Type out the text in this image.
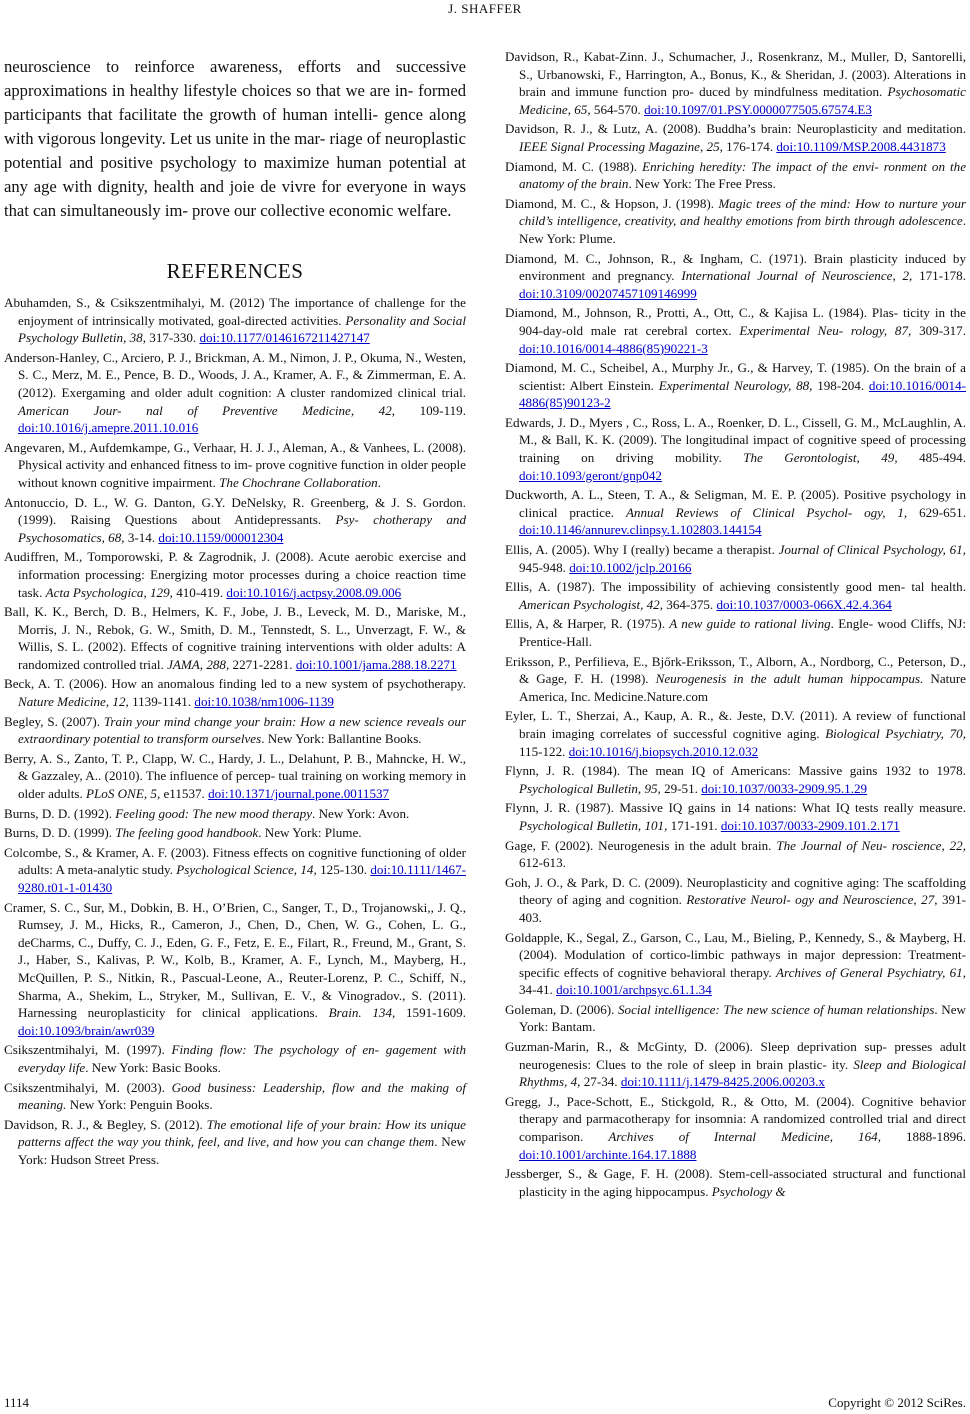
J. SHAFFER

neuroscience to reinforce awareness, efforts and successive approximations in healthy lifestyle choices so that we are in- formed participants that facilitate the growth of human intelli- gence along with vigorous longevity. Let us unite in the mar- riage of neuroplastic potential and positive psychology to maximize human potential at any age with dignity, health and joie de vivre for everyone in ways that can simultaneously im- prove our collective economic welfare.

REFERENCES

Abuhamden, S., & Csikszentmihalyi, M. (2012) The importance of challenge for the enjoyment of intrinsically motivated, goal-directed activities. Personality and Social Psychology Bulletin, 38, 317-330. doi:10.1177/0146167211427147

Anderson-Hanley, C., Arciero, P. J., Brickman, A. M., Nimon, J. P., Okuma, N., Westen, S. C., Merz, M. E., Pence, B. D., Woods, J. A., Kramer, A. F., & Zimmerman, E. A. (2012). Exergaming and older adult cognition: A cluster randomized clinical trial. American Jour- nal of Preventive Medicine, 42, 109-119. doi:10.1016/j.amepre.2011.10.016

Angevaren, M., Aufdemkampe, G., Verhaar, H. J. J., Aleman, A., & Vanhees, L. (2008). Physical activity and enhanced fitness to im- prove cognitive function in older people without known cognitive impairment. The Chochrane Collaboration.

Antonuccio, D. L., W. G. Danton, G.Y. DeNelsky, R. Greenberg, & J. S. Gordon. (1999). Raising Questions about Antidepressants. Psy- chotherapy and Psychosomatics, 68, 3-14. doi:10.1159/000012304

Audiffren, M., Tomporowski, P. & Zagrodnik, J. (2008). Acute aerobic exercise and information processing: Energizing motor processes during a choice reaction time task. Acta Psychologica, 129, 410-419. doi:10.1016/j.actpsy.2008.09.006

Ball, K. K., Berch, D. B., Helmers, K. F., Jobe, J. B., Leveck, M. D., Mariske, M., Morris, J. N., Rebok, G. W., Smith, D. M., Tennstedt, S. L., Unverzagt, F. W., & Willis, S. L. (2002). Effects of cognitive training interventions with older adults: A randomized controlled trial. JAMA, 288, 2271-2281. doi:10.1001/jama.288.18.2271

Beck, A. T. (2006). How an anomalous finding led to a new system of psychotherapy. Nature Medicine, 12, 1139-1141. doi:10.1038/nm1006-1139

Begley, S. (2007). Train your mind change your brain: How a new science reveals our extraordinary potential to transform ourselves. New York: Ballantine Books.

Berry, A. S., Zanto, T. P., Clapp, W. C., Hardy, J. L., Delahunt, P. B., Mahncke, H. W., & Gazzaley, A.. (2010). The influence of percep- tual training on working memory in older adults. PLoS ONE, 5, e11537. doi:10.1371/journal.pone.0011537

Burns, D. D. (1992). Feeling good: The new mood therapy. New York: Avon.

Burns, D. D. (1999). The feeling good handbook. New York: Plume.

Colcombe, S., & Kramer, A. F. (2003). Fitness effects on cognitive functioning of older adults: A meta-analytic study. Psychological Science, 14, 125-130. doi:10.1111/1467-9280.t01-1-01430

Cramer, S. C., Sur, M., Dobkin, B. H., O’Brien, C., Sanger, T., D., Trojanowski,, J. Q., Rumsey, J. M., Hicks, R., Cameron, J., Chen, D., Chen, W. G., Cohen, L. G., deCharms, C., Duffy, C. J., Eden, G. F., Fetz, E. E., Filart, R., Freund, M., Grant, S. J., Haber, S., Kalivas, P. W., Kolb, B., Kramer, A. F., Lynch, M., Mayberg, H., McQuillen, P. S., Nitkin, R., Pascual-Leone, A., Reuter-Lorenz, P. C., Schiff, N., Sharma, A., Shekim, L., Stryker, M., Sullivan, E. V., & Vinogradov., S. (2011). Harnessing neuroplasticity for clinical applications. Brain. 134, 1591-1609. doi:10.1093/brain/awr039

Csikszentmihalyi, M. (1997). Finding flow: The psychology of en- gagement with everyday life. New York: Basic Books.

Csikszentmihalyi, M. (2003). Good business: Leadership, flow and the making of meaning. New York: Penguin Books.

Davidson, R. J., & Begley, S. (2012). The emotional life of your brain: How its unique patterns affect the way you think, feel, and live, and how you can change them. New York: Hudson Street Press.

Davidson, R., Kabat-Zinn. J., Schumacher, J., Rosenkranz, M., Muller, D, Santorelli, S., Urbanowski, F., Harrington, A., Bonus, K., & Sheridan, J. (2003). Alterations in brain and immune function pro- duced by mindfulness meditation. Psychosomatic Medicine, 65, 564-570. doi:10.1097/01.PSY.0000077505.67574.E3

Davidson, R. J., & Lutz, A. (2008). Buddha’s brain: Neuroplasticity and meditation. IEEE Signal Processing Magazine, 25, 176-174. doi:10.1109/MSP.2008.4431873

Diamond, M. C. (1988). Enriching heredity: The impact of the envi- ronment on the anatomy of the brain. New York: The Free Press.

Diamond, M. C., & Hopson, J. (1998). Magic trees of the mind: How to nurture your child’s intelligence, creativity, and healthy emotions from birth through adolescence. New York: Plume.

Diamond, M. C., Johnson, R., & Ingham, C. (1971). Brain plasticity induced by environment and pregnancy. International Journal of Neuroscience, 2, 171-178. doi:10.3109/00207457109146999

Diamond, M., Johnson, R., Protti, A., Ott, C., & Kajisa L. (1984). Plas- ticity in the 904-day-old male rat cerebral cortex. Experimental Neu- rology, 87, 309-317. doi:10.1016/0014-4886(85)90221-3

Diamond, M. C., Scheibel, A., Murphy Jr., G., & Harvey, T. (1985). On the brain of a scientist: Albert Einstein. Experimental Neurology, 88, 198-204. doi:10.1016/0014-4886(85)90123-2

Edwards, J. D., Myers , C., Ross, L. A., Roenker, D. L., Cissell, G. M., McLaughlin, A. M., & Ball, K. K. (2009). The longitudinal impact of cognitive speed of processing training on driving mobility. The Gerontologist, 49, 485-494. doi:10.1093/geront/gnp042

Duckworth, A. L., Steen, T. A., & Seligman, M. E. P. (2005). Positive psychology in clinical practice. Annual Reviews of Clinical Psychol- ogy, 1, 629-651. doi:10.1146/annurev.clinpsy.1.102803.144154

Ellis, A. (2005). Why I (really) became a therapist. Journal of Clinical Psychology, 61, 945-948. doi:10.1002/jclp.20166

Ellis, A. (1987). The impossibility of achieving consistently good men- tal health. American Psychologist, 42, 364-375. doi:10.1037/0003-066X.42.4.364

Ellis, A, & Harper, R. (1975). A new guide to rational living. Engle- wood Cliffs, NJ: Prentice-Hall.

Eriksson, P., Perfilieva, E., Bjőrk-Eriksson, T., Alborn, A., Nordborg, C., Peterson, D., & Gage, F. H. (1998). Neurogenesis in the adult human hippocampus. Nature America, Inc. Medicine.Nature.com

Eyler, L. T., Sherzai, A., Kaup, A. R., &. Jeste, D.V. (2011). A review of functional brain imaging correlates of successful cognitive aging. Biological Psychiatry, 70, 115-122. doi:10.1016/j.biopsych.2010.12.032

Flynn, J. R. (1984). The mean IQ of Americans: Massive gains 1932 to 1978. Psychological Bulletin, 95, 29-51. doi:10.1037/0033-2909.95.1.29

Flynn, J. R. (1987). Massive IQ gains in 14 nations: What IQ tests really measure. Psychological Bulletin, 101, 171-191. doi:10.1037/0033-2909.101.2.171

Gage, F. (2002). Neurogenesis in the adult brain. The Journal of Neu- roscience, 22, 612-613.

Goh, J. O., & Park, D. C. (2009). Neuroplasticity and cognitive aging: The scaffolding theory of aging and cognition. Restorative Neurol- ogy and Neuroscience, 27, 391-403.

Goldapple, K., Segal, Z., Garson, C., Lau, M., Bieling, P., Kennedy, S., & Mayberg, H. (2004). Modulation of cortico-limbic pathways in major depression: Treatment-specific effects of cognitive behavioral therapy. Archives of General Psychiatry, 61, 34-41. doi:10.1001/archpsyc.61.1.34

Goleman, D. (2006). Social intelligence: The new science of human relationships. New York: Bantam.

Guzman-Marin, R., & McGinty, D. (2006). Sleep deprivation sup- presses adult neurogenesis: Clues to the role of sleep in brain plastic- ity. Sleep and Biological Rhythms, 4, 27-34. doi:10.1111/j.1479-8425.2006.00203.x

Gregg, J., Pace-Schott, E., Stickgold, R., & Otto, M. (2004). Cognitive behavior therapy and parmacotherapy for insomnia: A randomized controlled trial and direct comparison. Archives of Internal Medicine, 164, 1888-1896. doi:10.1001/archinte.164.17.1888

Jessberger, S., & Gage, F. H. (2008). Stem-cell-associated structural and functional plasticity in the aging hippocampus. Psychology &

1114	Copyright © 2012 SciRes.
